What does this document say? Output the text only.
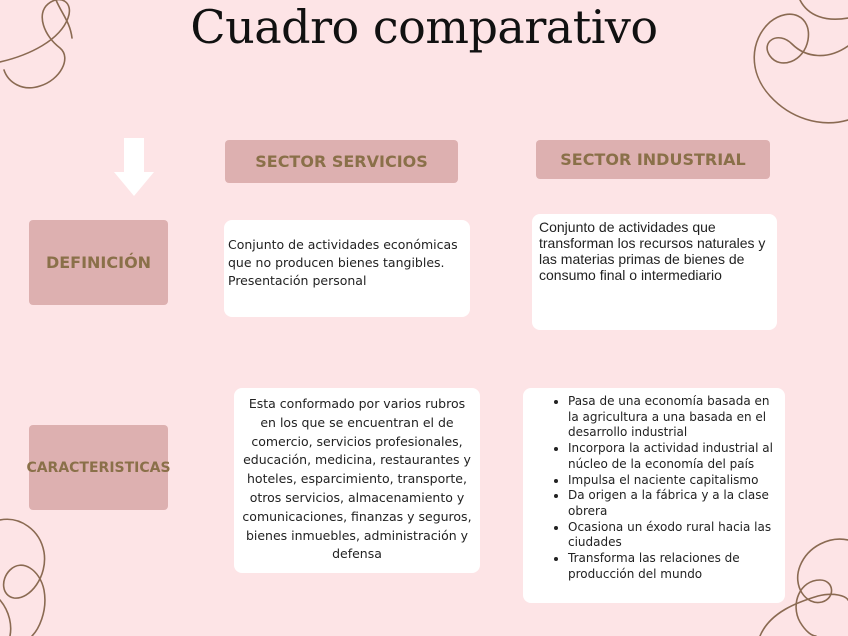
Cuadro comparativo
SECTOR SERVICIOS	SECTOR INDUSTRIAL
DEFINICIÓN
CARACTERISTICAS

Conjunto de actividades económicas que no producen bienes tangibles. Presentación personal

Conjunto de actividades que transforman los recursos naturales y las materias primas de bienes de consumo final o intermediario

Esta conformado por varios rubros en los que se encuentran el de comercio, servicios profesionales, educación, medicina, restaurantes y hoteles, esparcimiento, transporte, otros servicios, almacenamiento y comunicaciones, finanzas y seguros, bienes inmuebles, administración y defensa

• Pasa de una economía basada en la agricultura a una basada en el desarrollo industrial
• Incorpora la actividad industrial al núcleo de la economía del país
• Impulsa el naciente capitalismo
• Da origen a la fábrica y a la clase obrera
• Ocasiona un éxodo rural hacia las ciudades
• Transforma las relaciones de producción del mundo
